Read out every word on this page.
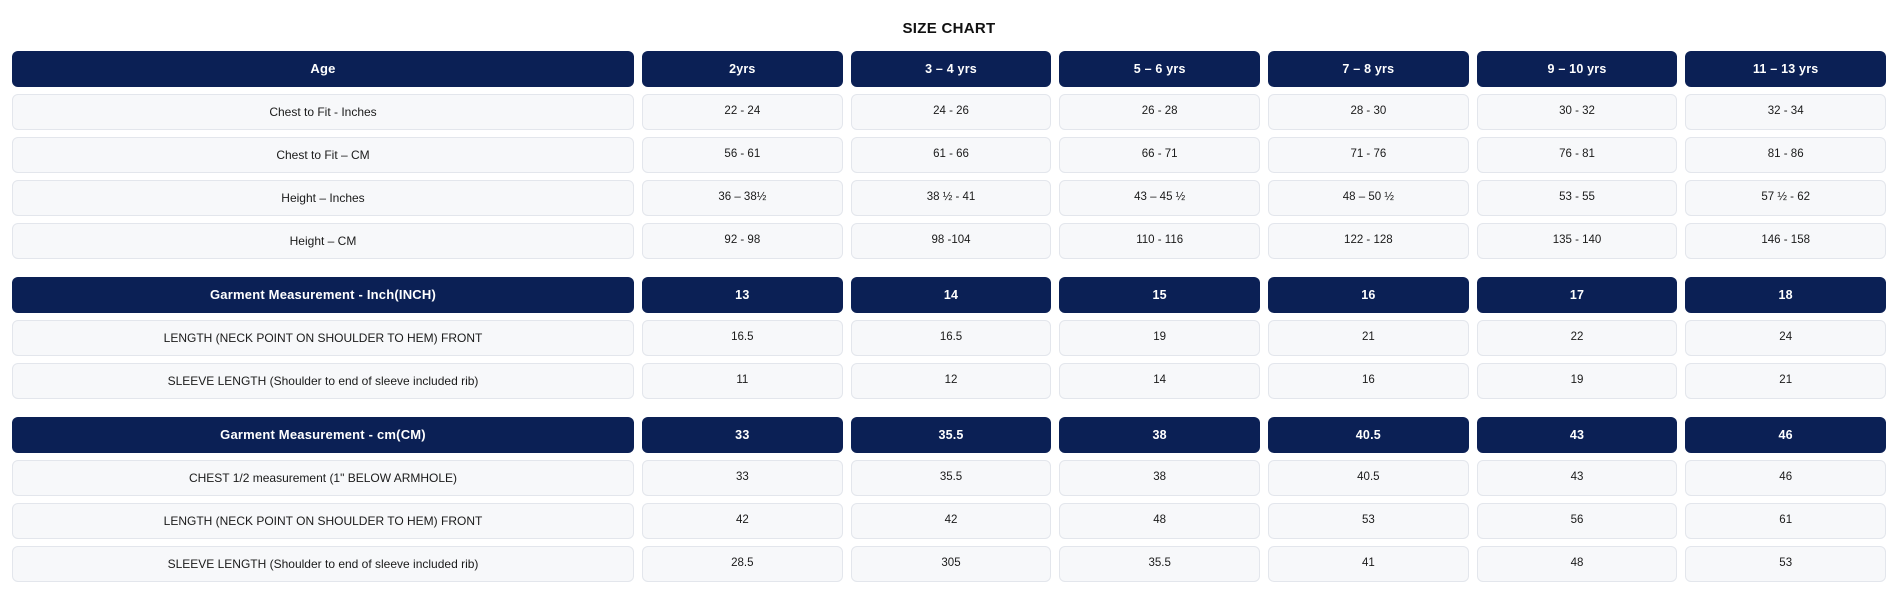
SIZE CHART
Age	2yrs	3 – 4 yrs	5 – 6 yrs	7 – 8 yrs	9 – 10 yrs	11 – 13 yrs
Chest to Fit - Inches	22 - 24	24 - 26	26 - 28	28 - 30	30 - 32	32 - 34
Chest to Fit – CM	56 - 61	61 - 66	66 - 71	71 - 76	76 - 81	81 - 86
Height – Inches	36 – 38½	38 ½ - 41	43 – 45 ½	48 – 50 ½	53 - 55	57 ½ - 62
Height – CM	92 - 98	98 -104	110 - 116	122 - 128	135 - 140	146 - 158
Garment Measurement - Inch(INCH)	13	14	15	16	17	18
LENGTH (NECK POINT ON SHOULDER TO HEM) FRONT	16.5	16.5	19	21	22	24
SLEEVE LENGTH (Shoulder to end of sleeve included rib)	11	12	14	16	19	21
Garment Measurement - cm(CM)	33	35.5	38	40.5	43	46
CHEST 1/2 measurement (1" BELOW ARMHOLE)	33	35.5	38	40.5	43	46
LENGTH (NECK POINT ON SHOULDER TO HEM) FRONT	42	42	48	53	56	61
SLEEVE LENGTH (Shoulder to end of sleeve included rib)	28.5	305	35.5	41	48	53
